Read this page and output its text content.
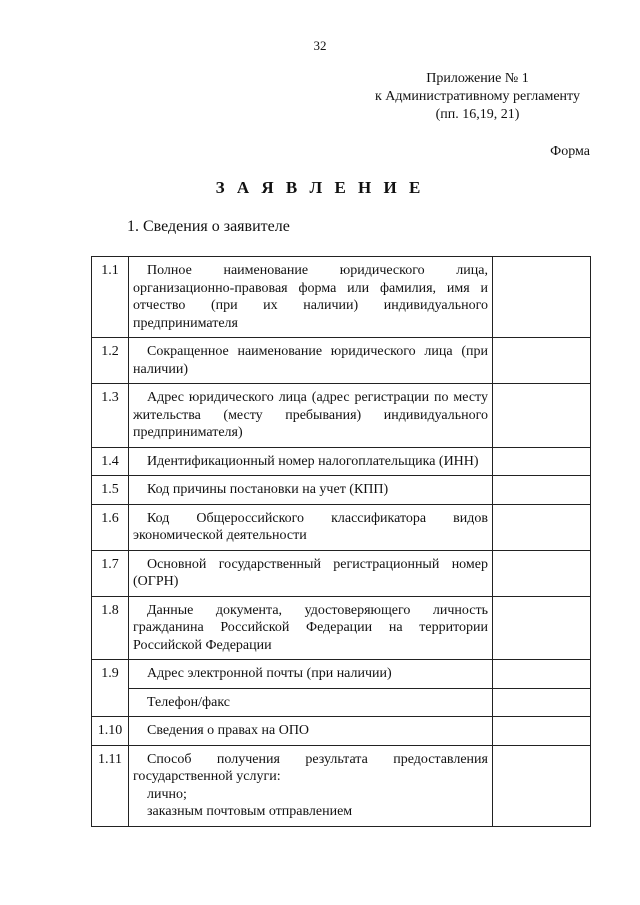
32
Приложение № 1
к Административному регламенту
(пп. 16,19, 21)
Форма
З А Я В Л Е Н И Е
1. Сведения о заявителе
1.1	Полное наименование юридического лица, организационно-правовая форма или фамилия, имя и отчество (при их наличии) индивидуального предпринимателя	

1.2	Сокращенное наименование юридического лица (при наличии)	

1.3	Адрес юридического лица (адрес регистрации по месту жительства (месту пребывания) индивидуального предпринимателя)	

1.4	Идентификационный номер налогоплательщика (ИНН)	

1.5	Код причины постановки на учет (КПП)	

1.6	Код Общероссийского классификатора видов экономической деятельности	

1.7	Основной государственный регистрационный номер (ОГРН)	

1.8	Данные документа, удостоверяющего личность гражданина Российской Федерации на территории Российской Федерации	

1.9	Адрес электронной почты (при наличии)	

	Телефон/факс	

1.10	Сведения о правах на ОПО	

1.11	Способ получения результата предоставления государственной услуги:
лично;
заказным почтовым отправлением	
